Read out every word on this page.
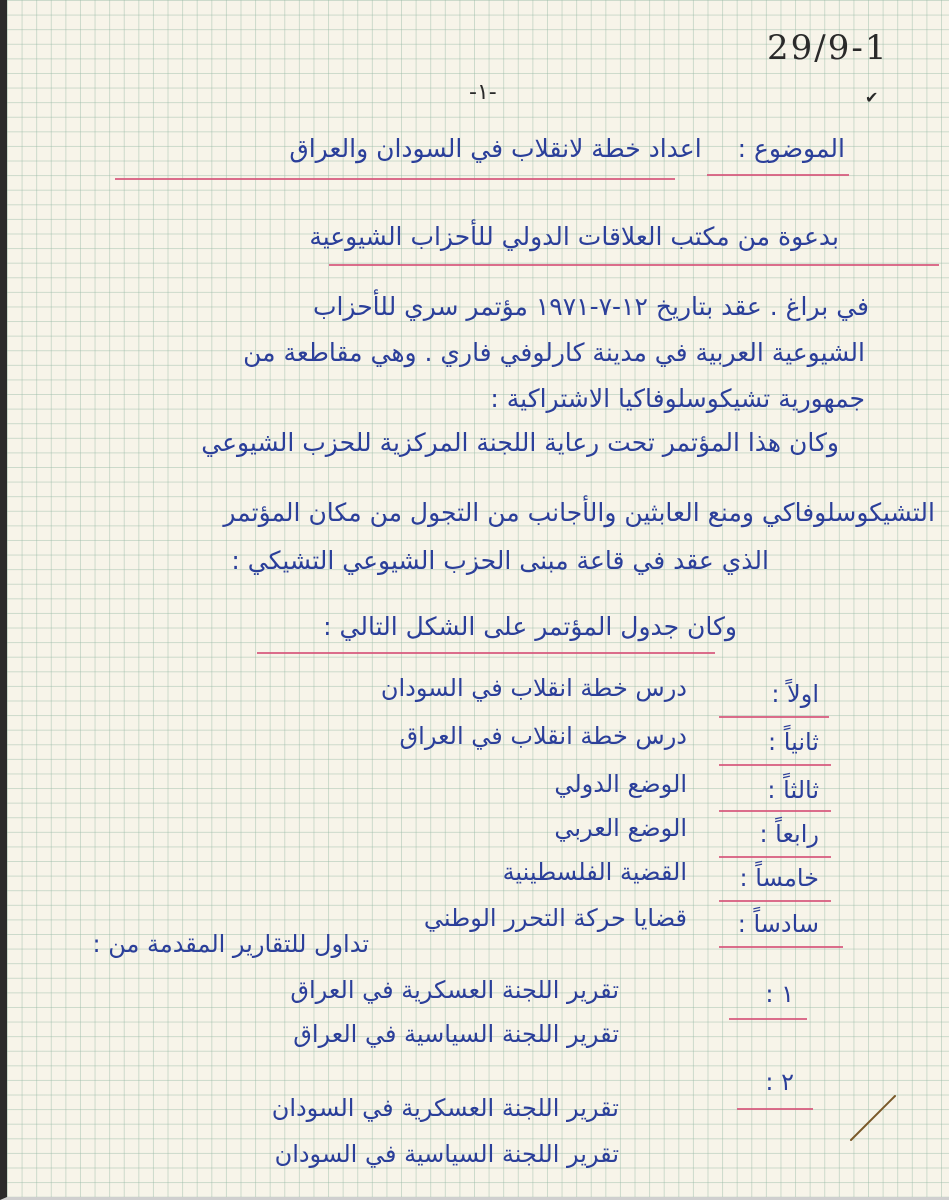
29/9-1
-١-	✔
الموضوع : اعداد خطة لانقلاب في السودان والعراق
بدعوة من مكتب العلاقات الدولي للأحزاب الشيوعية
في براغ . عقد بتاريخ ١٢-٧-١٩٧١ مؤتمر سري للأحزاب
الشيوعية العربية في مدينة كارلوفي فاري . وهي مقاطعة من
جمهورية تشيكوسلوفاكيا الاشتراكية :
وكان هذا المؤتمر تحت رعاية اللجنة المركزية للحزب الشيوعي
التشيكوسلوفاكي ومنع العابثين والأجانب من التجول من مكان المؤتمر
الذي عقد في قاعة مبنى الحزب الشيوعي التشيكي :
وكان جدول المؤتمر على الشكل التالي :
اولاً :
درس خطة انقلاب في السودان
ثانياً :
درس خطة انقلاب في العراق
ثالثاً :
الوضع الدولي
رابعاً :
الوضع العربي
خامساً :
القضية الفلسطينية
سادساً :
قضايا حركة التحرر الوطني
تداول للتقارير المقدمة من :
١ :
تقرير اللجنة العسكرية في العراق
تقرير اللجنة السياسية في العراق
٢ :
تقرير اللجنة العسكرية في السودان
تقرير اللجنة السياسية في السودان
